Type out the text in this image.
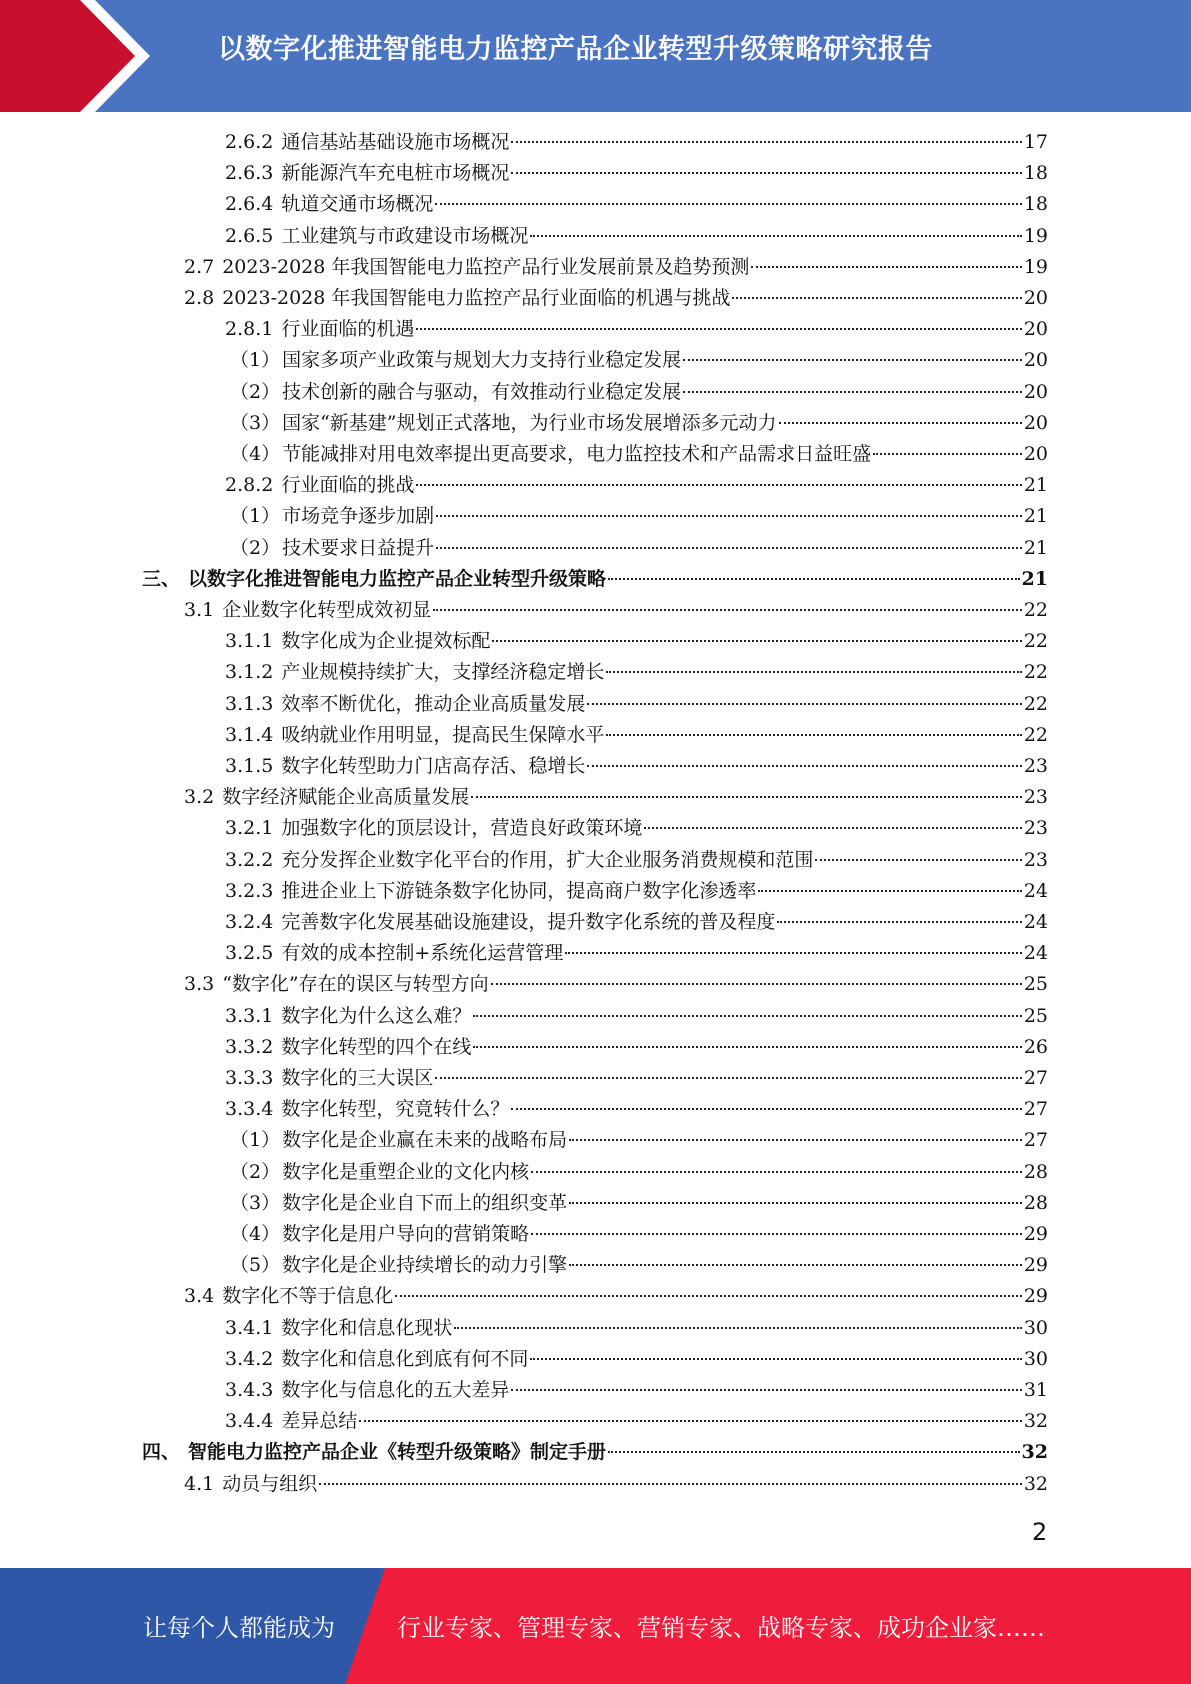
以数字化推进智能电力监控产品企业转型升级策略研究报告
2.6.2 通信基站基础设施市场概况	17
2.6.3 新能源汽车充电桩市场概况	18
2.6.4 轨道交通市场概况	18
2.6.5 工业建筑与市政建设市场概况	19
2.7 2023-2028 年我国智能电力监控产品行业发展前景及趋势预测	19
2.8 2023-2028 年我国智能电力监控产品行业面临的机遇与挑战	20
2.8.1 行业面临的机遇	20
（1） 国家多项产业政策与规划大力支持行业稳定发展	20
（2） 技术创新的融合与驱动，有效推动行业稳定发展	20
（3） 国家“新基建”规划正式落地，为行业市场发展增添多元动力	20
（4） 节能减排对用电效率提出更高要求，电力监控技术和产品需求日益旺盛	20
2.8.2 行业面临的挑战	21
（1） 市场竞争逐步加剧	21
（2） 技术要求日益提升	21
三、 以数字化推进智能电力监控产品企业转型升级策略	21
3.1 企业数字化转型成效初显	22
3.1.1 数字化成为企业提效标配	22
3.1.2 产业规模持续扩大，支撑经济稳定增长	22
3.1.3 效率不断优化，推动企业高质量发展	22
3.1.4 吸纳就业作用明显，提高民生保障水平	22
3.1.5 数字化转型助力门店高存活、稳增长	23
3.2 数字经济赋能企业高质量发展	23
3.2.1 加强数字化的顶层设计，营造良好政策环境	23
3.2.2 充分发挥企业数字化平台的作用，扩大企业服务消费规模和范围	23
3.2.3 推进企业上下游链条数字化协同，提高商户数字化渗透率	24
3.2.4 完善数字化发展基础设施建设，提升数字化系统的普及程度	24
3.2.5 有效的成本控制+系统化运营管理	24
3.3 “数字化”存在的误区与转型方向	25
3.3.1 数字化为什么这么难？	25
3.3.2 数字化转型的四个在线	26
3.3.3 数字化的三大误区	27
3.3.4 数字化转型，究竟转什么？	27
（1） 数字化是企业赢在未来的战略布局	27
（2） 数字化是重塑企业的文化内核	28
（3） 数字化是企业自下而上的组织变革	28
（4） 数字化是用户导向的营销策略	29
（5） 数字化是企业持续增长的动力引擎	29
3.4 数字化不等于信息化	29
3.4.1 数字化和信息化现状	30
3.4.2 数字化和信息化到底有何不同	30
3.4.3 数字化与信息化的五大差异	31
3.4.4 差异总结	32
四、 智能电力监控产品企业《转型升级策略》制定手册	32
4.1 动员与组织	32
2
让每个人都能成为	行业专家、管理专家、营销专家、战略专家、成功企业家……
